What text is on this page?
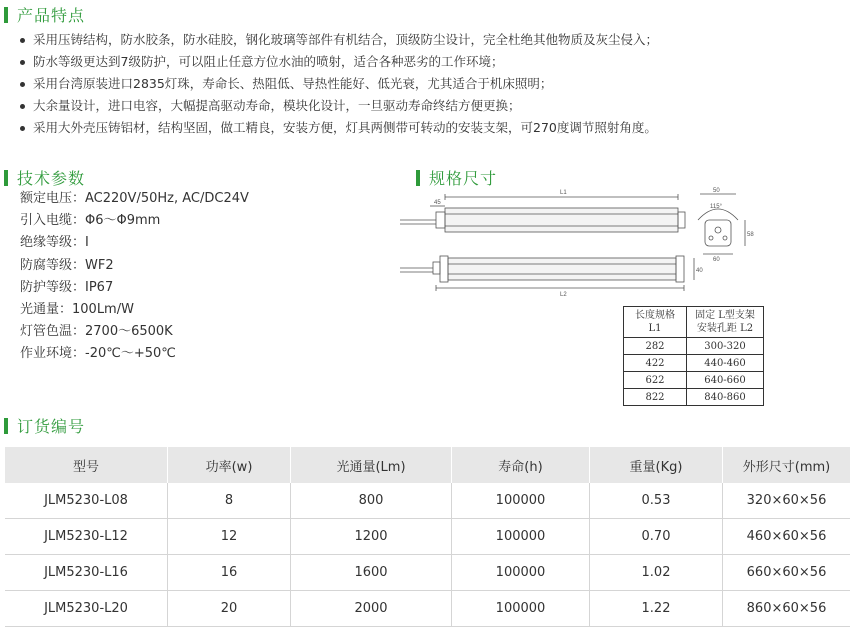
产品特点
采用压铸结构，防水胶条，防水硅胶，钢化玻璃等部件有机结合，顶级防尘设计，完全杜绝其他物质及灰尘侵入；
防水等级更达到7级防护，可以阻止任意方位水油的喷射，适合各种恶劣的工作环境；
采用台湾原装进口2835灯珠，寿命长、热阻低、导热性能好、低光衰，尤其适合于机床照明；
大余量设计，进口电容，大幅提高驱动寿命，模块化设计，一旦驱动寿命终结方便更换；
采用大外壳压铸铝材，结构坚固，做工精良，安装方便，灯具两侧带可转动的安装支架，可270度调节照射角度。
技术参数
额定电压：AC220V/50Hz, AC/DC24V
引入电缆：Φ6～Φ9mm
绝缘等级：I
防腐等级：WF2
防护等级：IP67
光通量：100Lm/W
灯管色温：2700～6500K
作业环境：-20℃～+50℃
规格尺寸
L1
45
L2
40
50
115°
58
60
长度规格 L1	固定 L型支架安装孔距 L2
282	300-320
422	440-460
622	640-660
822	840-860
订货编号
型号	功率(w)	光通量(Lm)	寿命(h)	重量(Kg)	外形尺寸(mm)
JLM5230-L08	8	800	100000	0.53	320×60×56
JLM5230-L12	12	1200	100000	0.70	460×60×56
JLM5230-L16	16	1600	100000	1.02	660×60×56
JLM5230-L20	20	2000	100000	1.22	860×60×56
